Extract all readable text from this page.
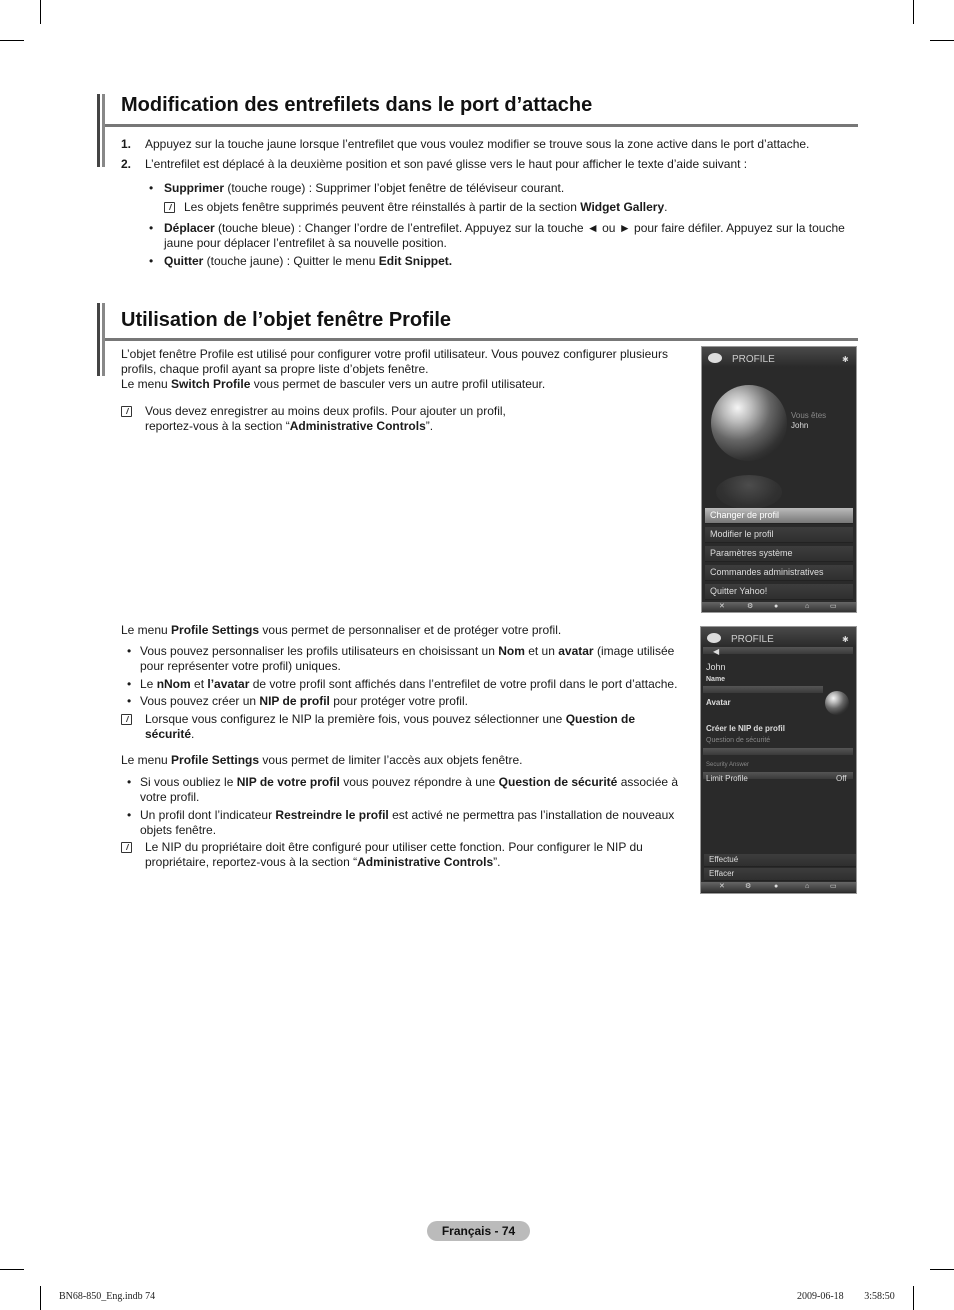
Modification des entrefilets dans le port d’attache
1. Appuyez sur la touche jaune lorsque l’entrefilet que vous voulez modifier se trouve sous la zone active dans le port d’attache.
2. L’entrefilet est déplacé à la deuxième position et son pavé glisse vers le haut pour afficher le texte d’aide suivant :
• Supprimer (touche rouge) : Supprimer l’objet fenêtre de téléviseur courant.
Les objets fenêtre supprimés peuvent être réinstallés à partir de la section Widget Gallery.
• Déplacer (touche bleue) : Changer l’ordre de l’entrefilet. Appuyez sur la touche ◄ ou ► pour faire défiler. Appuyez sur la touche jaune pour déplacer l’entrefilet à sa nouvelle position.
• Quitter (touche jaune) : Quitter le menu Edit Snippet.
Utilisation de l’objet fenêtre Profile
L’objet fenêtre Profile est utilisé pour configurer votre profil utilisateur. Vous pouvez configurer plusieurs profils, chaque profil ayant sa propre liste d’objets fenêtre.
Le menu Switch Profile vous permet de basculer vers un autre profil utilisateur.
Vous devez enregistrer au moins deux profils. Pour ajouter un profil,
reportez-vous à la section “Administrative Controls”.
PROFILE	✱
Vous êtes
John
Changer de profil
Modifier le profil
Paramètres système
Commandes administratives
Quitter Yahoo!
✕	⚙	●	⌂	▭
Le menu Profile Settings vous permet de personnaliser et de protéger votre profil.
• Vous pouvez personnaliser les profils utilisateurs en choisissant un Nom et un avatar (image utilisée pour représenter votre profil) uniques.
• Le nNom et l’avatar de votre profil sont affichés dans l’entrefilet de votre profil dans le port d’attache.
• Vous pouvez créer un NIP de profil pour protéger votre profil.
Lorsque vous configurez le NIP la première fois, vous pouvez sélectionner une Question de sécurité.
Le menu Profile Settings vous permet de limiter l’accès aux objets fenêtre.
• Si vous oubliez le NIP de votre profil vous pouvez répondre à une Question de sécurité associée à votre profil.
• Un profil dont l’indicateur Restreindre le profil est activé ne permettra pas l’installation de nouveaux objets fenêtre.
Le NIP du propriétaire doit être configuré pour utiliser cette fonction. Pour configurer le NIP du propriétaire, reportez-vous à la section “Administrative Controls”.
PROFILE	✱
◀
John
Name
Avatar
Créer le NIP de profil
Question de sécurité
Security Answer
Limit Profile	Off
Effectué
Effacer
✕	⚙	●	⌂	▭
Français - 74
BN68-850_Eng.indb 74	2009-06-18 ￿￿ 3:58:50
